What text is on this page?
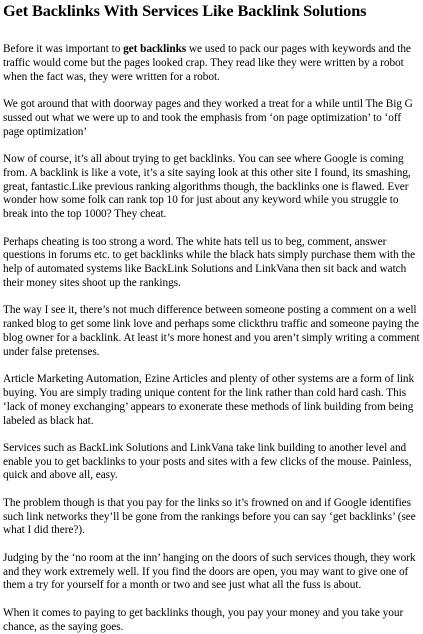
Get Backlinks With Services Like Backlink Solutions

Before it was important to get backlinks we used to pack our pages with keywords and the traffic would come but the pages looked crap. They read like they were written by a robot when the fact was, they were written for a robot.

We got around that with doorway pages and they worked a treat for a while until The Big G sussed out what we were up to and took the emphasis from ‘on page optimization’ to ‘off page optimization’

Now of course, it’s all about trying to get backlinks. You can see where Google is coming from. A backlink is like a vote, it’s a site saying look at this other site I found, its smashing, great, fantastic.Like previous ranking algorithms though, the backlinks one is flawed. Ever wonder how some folk can rank top 10 for just about any keyword while you struggle to break into the top 1000? They cheat.

Perhaps cheating is too strong a word. The white hats tell us to beg, comment, answer questions in forums etc. to get backlinks while the black hats simply purchase them with the help of automated systems like BackLink Solutions and LinkVana then sit back and watch their money sites shoot up the rankings.

The way I see it, there’s not much difference between someone posting a comment on a well ranked blog to get some link love and perhaps some clickthru traffic and someone paying the blog owner for a backlink. At least it’s more honest and you aren’t simply writing a comment under false pretenses.

Article Marketing Automation, Ezine Articles and plenty of other systems are a form of link buying. You are simply trading unique content for the link rather than cold hard cash. This ‘lack of money exchanging’ appears to exonerate these methods of link building from being labeled as black hat.

Services such as BackLink Solutions and LinkVana take link building to another level and enable you to get backlinks to your posts and sites with a few clicks of the mouse. Painless, quick and above all, easy.

The problem though is that you pay for the links so it’s frowned on and if Google identifies such link networks they’ll be gone from the rankings before you can say ‘get backlinks’ (see what I did there?).

Judging by the ‘no room at the inn’ hanging on the doors of such services though, they work and they work extremely well. If you find the doors are open, you may want to give one of them a try for yourself for a month or two and see just what all the fuss is about.

When it comes to paying to get backlinks though, you pay your money and you take your chance, as the saying goes.
